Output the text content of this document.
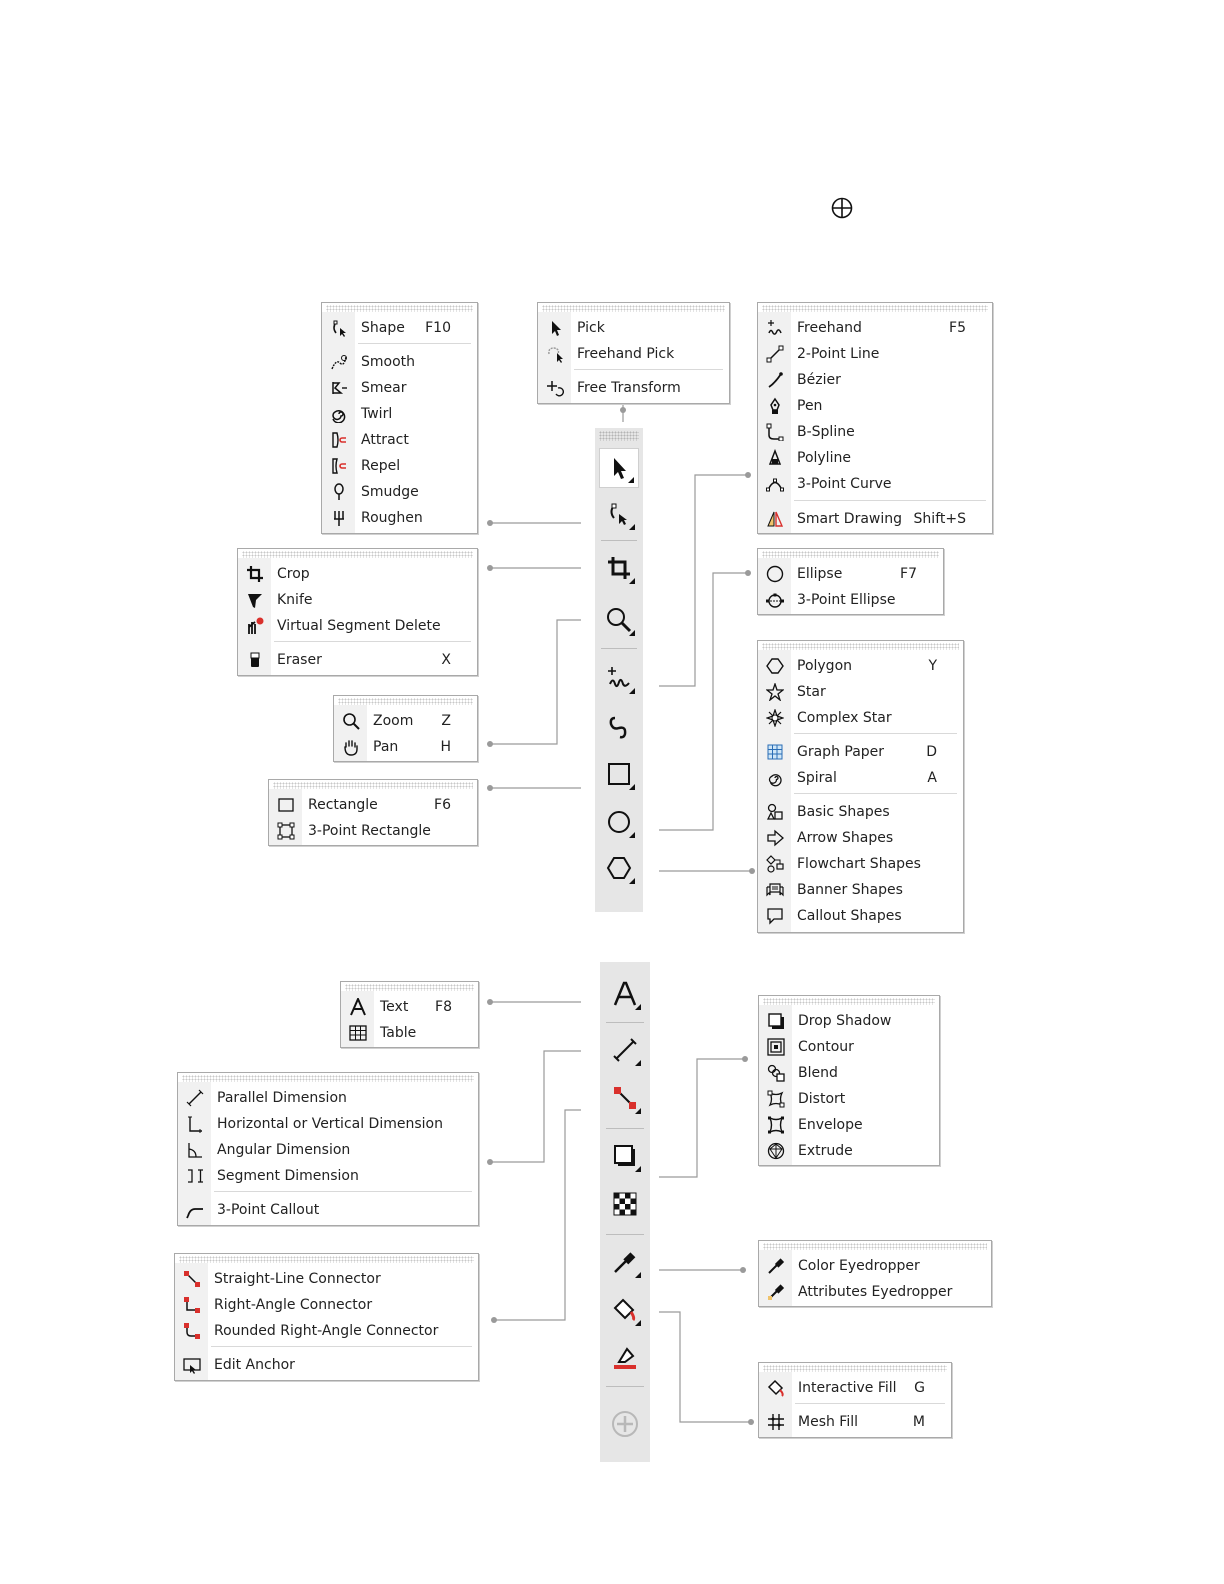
Shape	F10
Smooth
Smear
Twirl
Attract
Repel
Smudge
Roughen
Pick
Freehand Pick
Free Transform
Freehand	F5
2-Point Line
Bézier
Pen
B-Spline
Polyline
3-Point Curve
Smart Drawing Shift+S
Crop
Knife
Virtual Segment Delete
Eraser	X
Ellipse	F7
3-Point Ellipse
Zoom	Z
Pan	H
Polygon	Y
Star
Complex Star
Graph Paper	D
Spiral	A
Basic Shapes
Arrow Shapes
Flowchart Shapes
Banner Shapes
Callout Shapes
Rectangle	F6
3-Point Rectangle
Text	F8
Table
Drop Shadow
Contour
Blend
Distort
Envelope
Extrude
Parallel Dimension
Horizontal or Vertical Dimension
Angular Dimension
Segment Dimension
3-Point Callout
Straight-Line Connector
Right-Angle Connector
Rounded Right-Angle Connector
Edit Anchor
Color Eyedropper
Attributes Eyedropper
Interactive Fill	G
Mesh Fill	M
